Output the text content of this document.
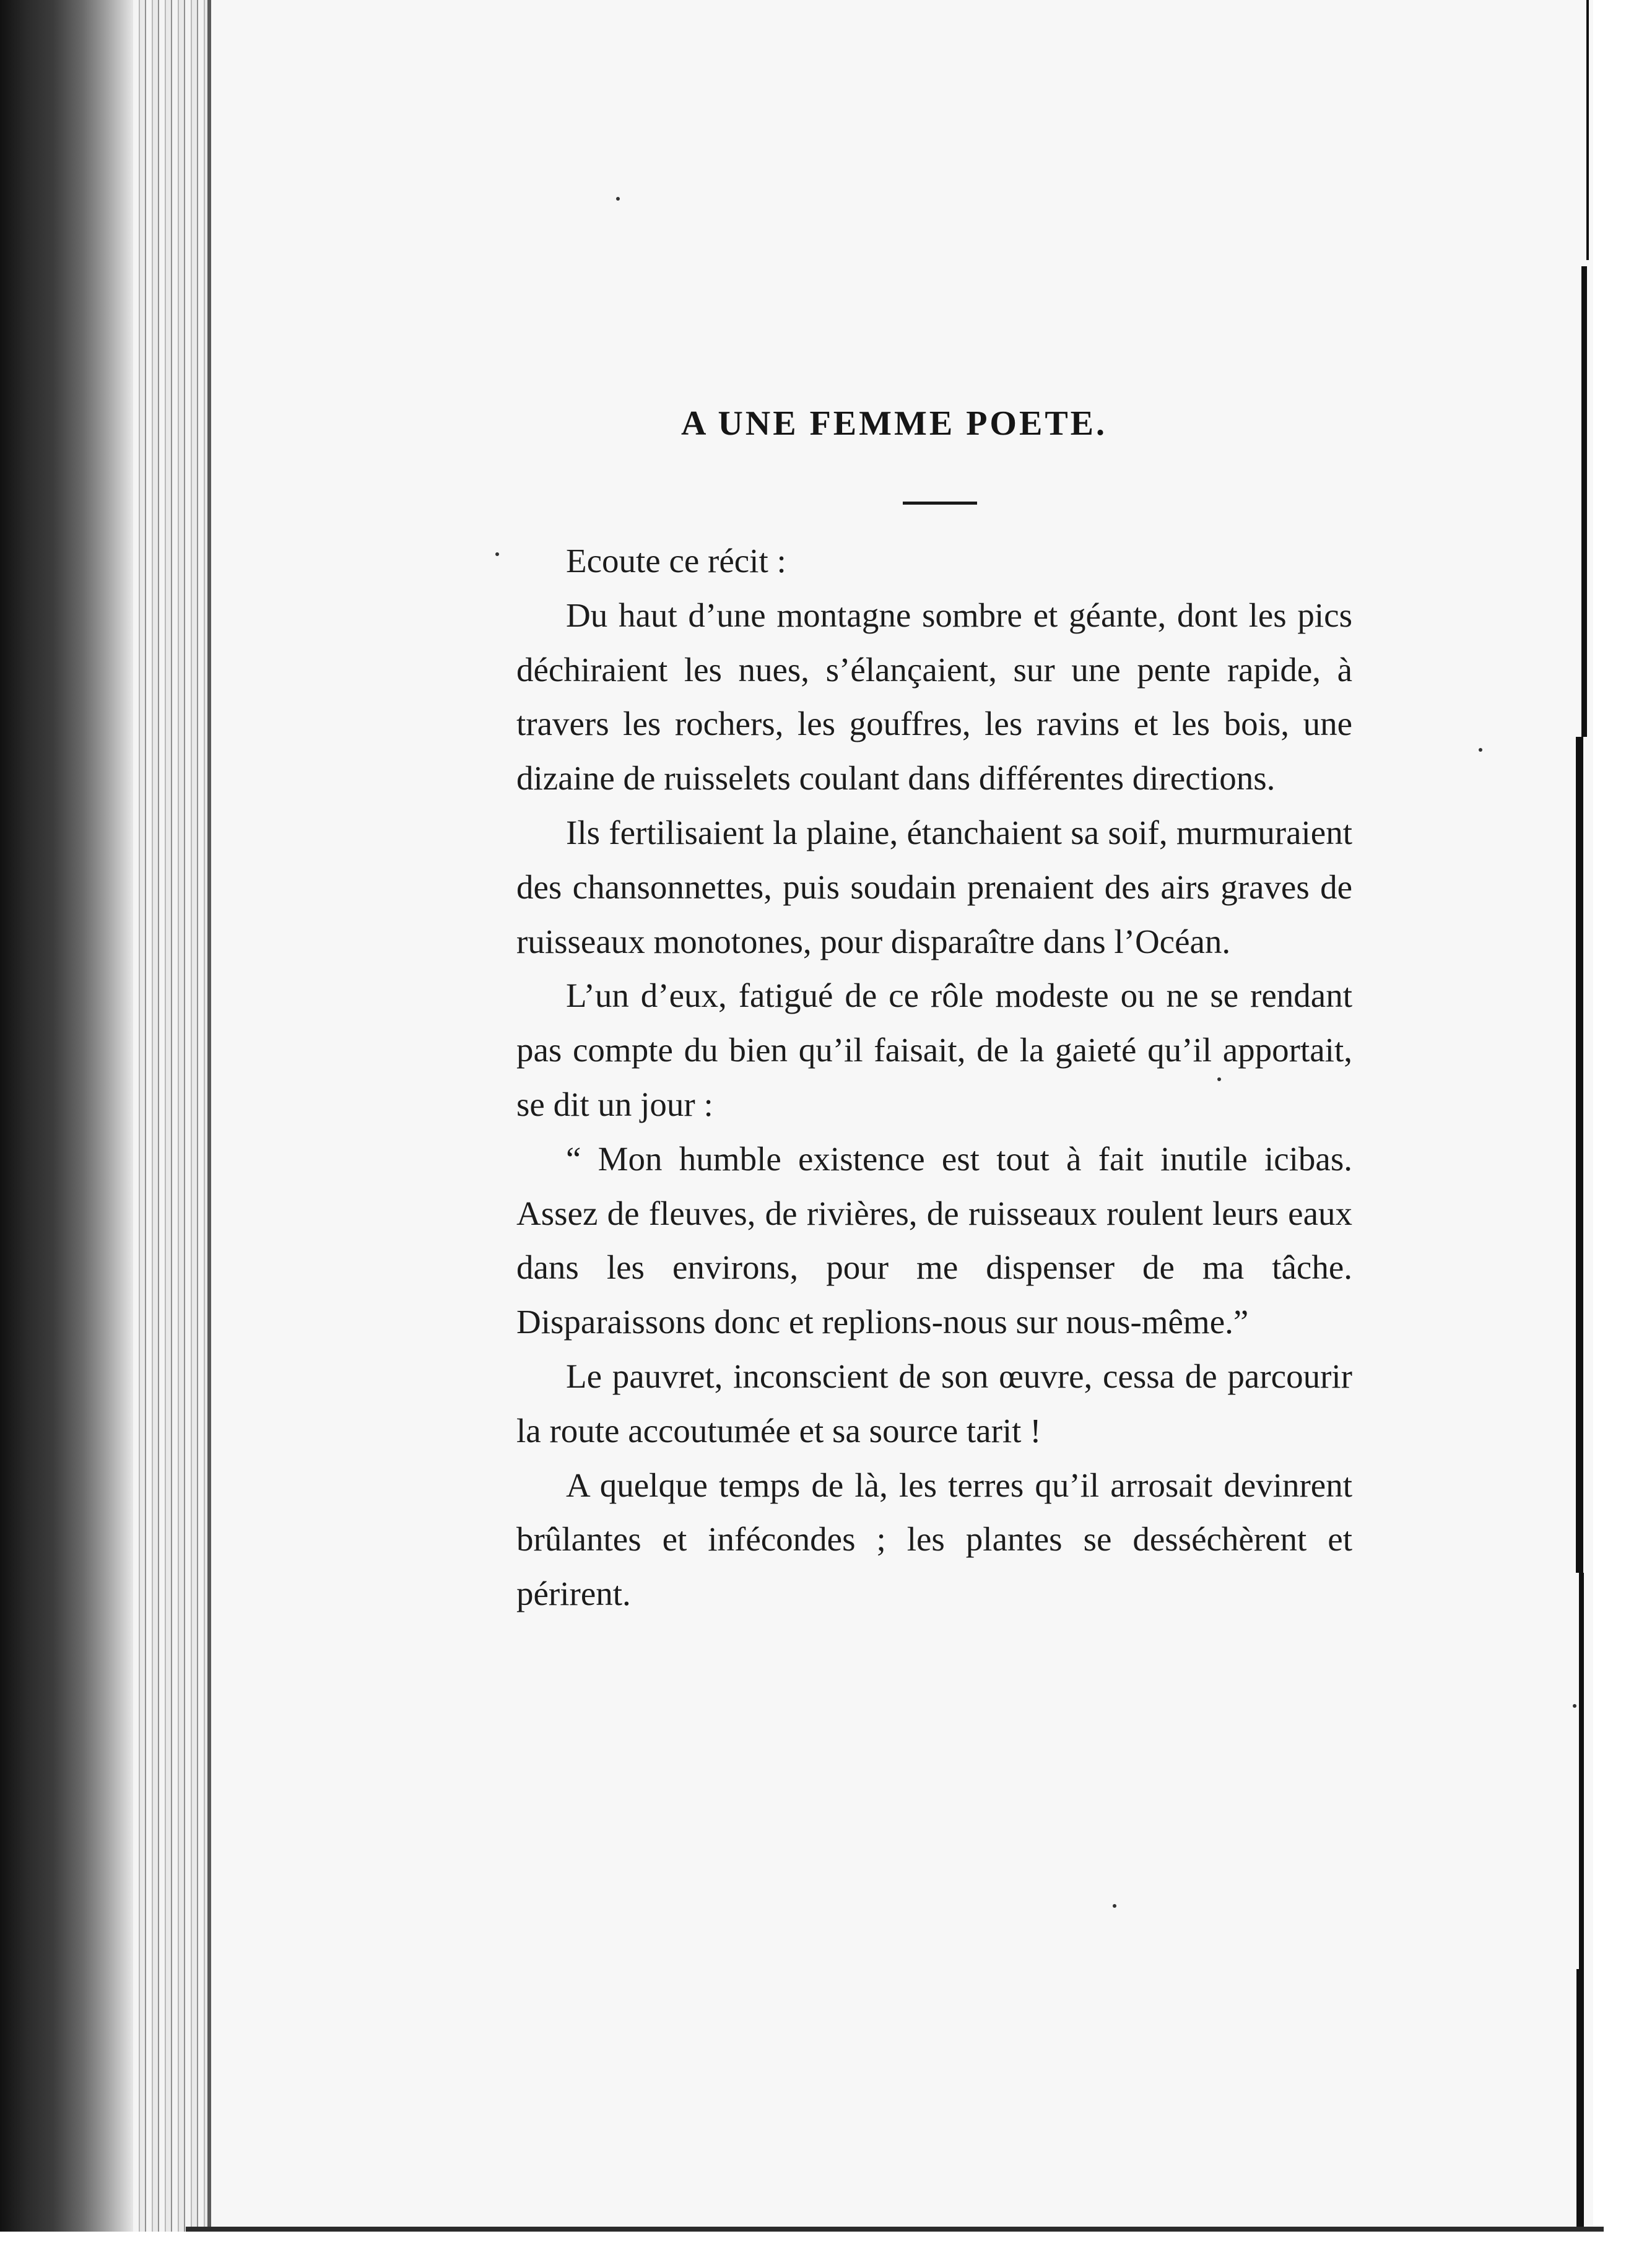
A UNE FEMME POETE.

Ecoute ce récit :

Du haut d’une montagne sombre et géante, dont les pics déchiraient les nues, s’élançaient, sur une pente rapide, à travers les rochers, les gouffres, les ravins et les bois, une dizaine de ruisselets coulant dans différentes directions.

Ils fertilisaient la plaine, étanchaient sa soif, murmuraient des chansonnettes, puis soudain prenaient des airs graves de ruisseaux monotones, pour disparaître dans l’Océan.

L’un d’eux, fatigué de ce rôle modeste ou ne se rendant pas compte du bien qu’il faisait, de la gaieté qu’il apportait, se dit un jour :

“ Mon humble existence est tout à fait inutile icibas. Assez de fleuves, de rivières, de ruisseaux roulent leurs eaux dans les environs, pour me dispenser de ma tâche. Disparaissons donc et replions-nous sur nous-même.”

Le pauvret, inconscient de son œuvre, cessa de parcourir la route accoutumée et sa source tarit !

A quelque temps de là, les terres qu’il arrosait devinrent brûlantes et infécondes ; les plantes se desséchèrent et périrent.
